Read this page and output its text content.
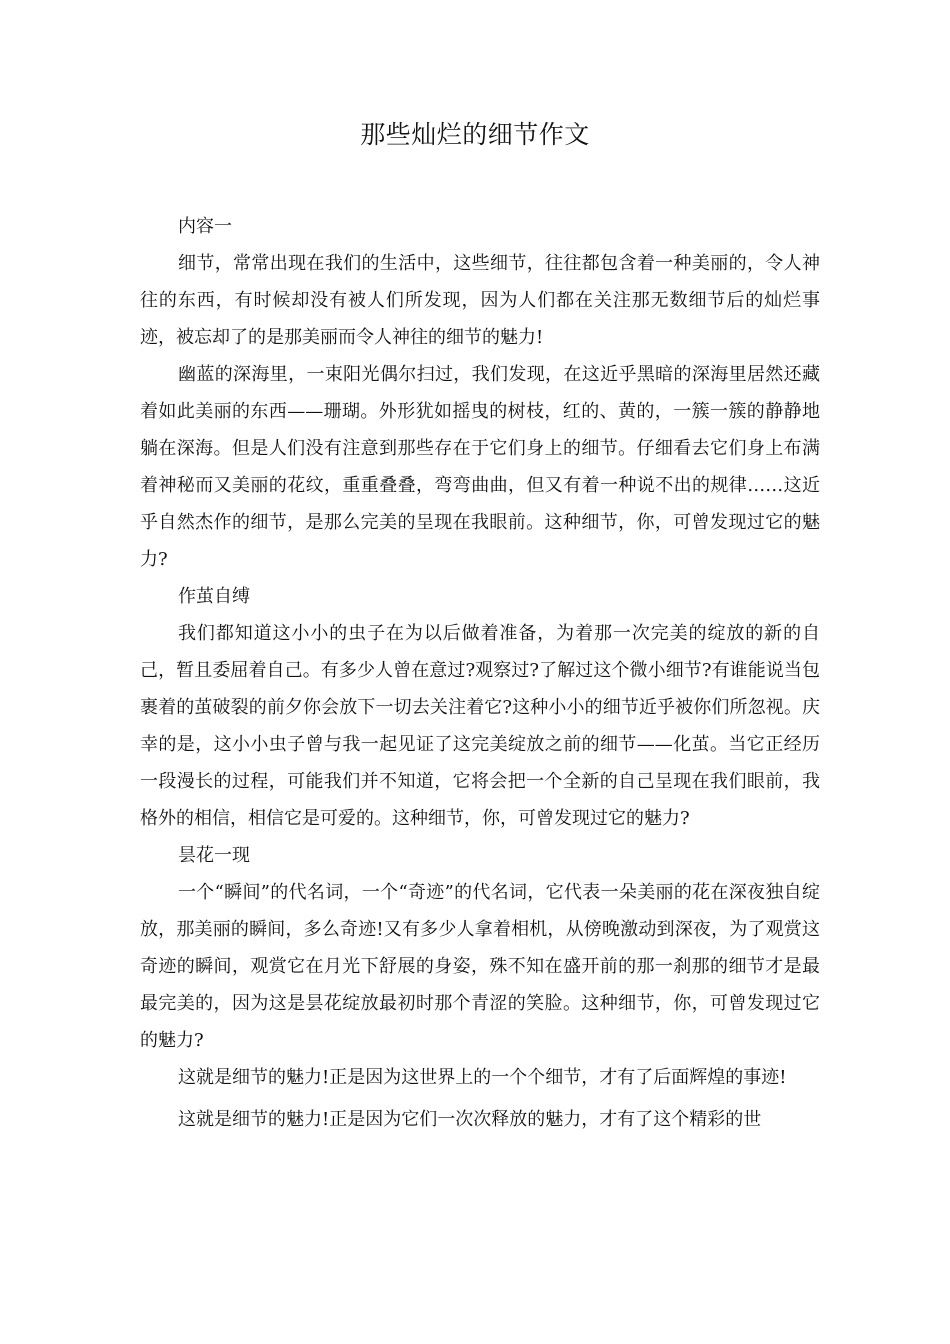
那些灿烂的细节作文

内容一

细节，常常出现在我们的生活中，这些细节，往往都包含着一种美丽的，令人神往的东西，有时候却没有被人们所发现，因为人们都在关注那无数细节后的灿烂事迹，被忘却了的是那美丽而令人神往的细节的魅力!

幽蓝的深海里，一束阳光偶尔扫过，我们发现，在这近乎黑暗的深海里居然还藏着如此美丽的东西——珊瑚。外形犹如摇曳的树枝，红的、黄的，一簇一簇的静静地躺在深海。但是人们没有注意到那些存在于它们身上的细节。仔细看去它们身上布满着神秘而又美丽的花纹，重重叠叠，弯弯曲曲，但又有着一种说不出的规律……这近乎自然杰作的细节，是那么完美的呈现在我眼前。这种细节，你，可曾发现过它的魅力?

作茧自缚

我们都知道这小小的虫子在为以后做着准备，为着那一次完美的绽放的新的自己，暂且委屈着自己。有多少人曾在意过?观察过?了解过这个微小细节?有谁能说当包裹着的茧破裂的前夕你会放下一切去关注着它?这种小小的细节近乎被你们所忽视。庆幸的是，这小小虫子曾与我一起见证了这完美绽放之前的细节——化茧。当它正经历一段漫长的过程，可能我们并不知道，它将会把一个全新的自己呈现在我们眼前，我格外的相信，相信它是可爱的。这种细节，你，可曾发现过它的魅力?

昙花一现

一个“瞬间”的代名词，一个“奇迹”的代名词，它代表一朵美丽的花在深夜独自绽放，那美丽的瞬间，多么奇迹!又有多少人拿着相机，从傍晚激动到深夜，为了观赏这奇迹的瞬间，观赏它在月光下舒展的身姿，殊不知在盛开前的那一刹那的细节才是最最完美的，因为这是昙花绽放最初时那个青涩的笑脸。这种细节，你，可曾发现过它的魅力?

这就是细节的魅力!正是因为这世界上的一个个细节，才有了后面辉煌的事迹!

这就是细节的魅力!正是因为它们一次次释放的魅力，才有了这个精彩的世
